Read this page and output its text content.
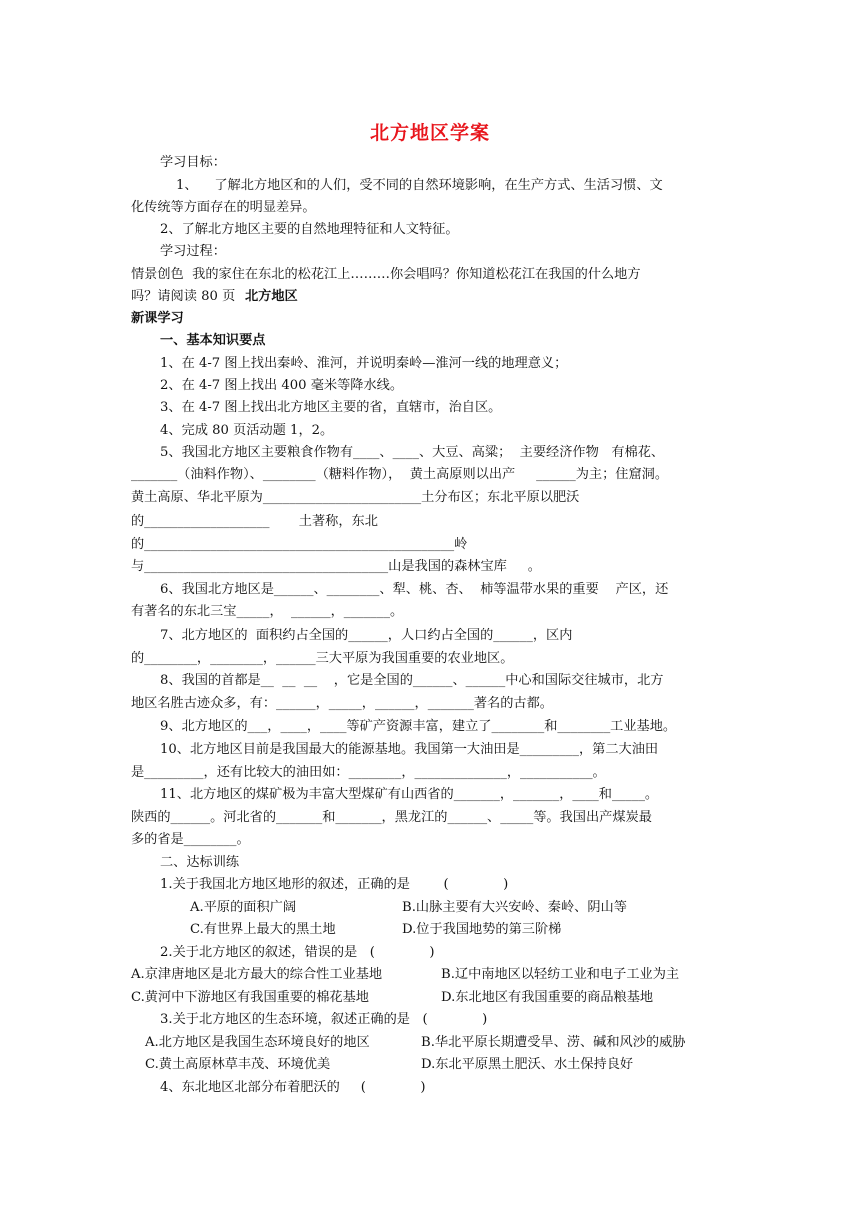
北方地区学案
学习目标：
1、    了解北方地区和的人们，受不同的自然环境影响，在生产方式、生活习惯、文
化传统等方面存在的明显差异。
2、了解北方地区主要的自然地理特征和人文特征。
学习过程：
情景创色  我的家住在东北的松花江上………你会唱吗？你知道松花江在我国的什么地方
吗？请阅读 80 页 北方地区
新课学习
一、基本知识要点
1、在 4-7 图上找出秦岭、淮河，并说明秦岭—淮河一线的地理意义；
2、在 4-7 图上找出 400 毫米等降水线。
3、在 4-7 图上找出北方地区主要的省，直辖市，治自区。
4、完成 80 页活动题 1，2。
5、我国北方地区主要粮食作物有____、____、大豆、高粱；  主要经济作物   有棉花、
_______（油料作物）、________（糖料作物），  黄土高原则以出产     ______为主；住窟洞。
黄土高原、华北平原为________________________土分布区；东北平原以肥沃
的___________________       土著称，东北
的_______________________________________________岭
与_____________________________________山是我国的森林宝库     。
6、我国北方地区是______、________、犁、桃、杏、  柿等温带水果的重要    产区，还
有著名的东北三宝_____，  ______，_______。
7、北方地区的  面积约占全国的______，人口约占全国的______，区内
的________，________，______三大平原为我国重要的农业地区。
8、我国的首都是__  __  __    ，它是全国的______、______中心和国际交往城市，北方
地区名胜古迹众多，有：______，_____，______，_______著名的古都。
9、北方地区的___，____，____等矿产资源丰富，建立了________和________工业基地。
10、北方地区目前是我国最大的能源基地。我国第一大油田是_________，第二大油田
是_________，还有比较大的油田如：________，______________，___________。
11、北方地区的煤矿极为丰富大型煤矿有山西省的_______，_______，____和_____。
陕西的______。河北省的_______和_______，黑龙江的______、_____等。我国出产煤炭最
多的省是________。
二、达标训练
1.关于我国北方地区地形的叙述，正确的是        (             )
A.平原的面积广阔	B.山脉主要有大兴安岭、秦岭、阴山等
C.有世界上最大的黑土地	D.位于我国地势的第三阶梯
2.关于北方地区的叙述，错误的是   (             )
A.京津唐地区是北方最大的综合性工业基地	B.辽中南地区以轻纺工业和电子工业为主
C.黄河中下游地区有我国重要的棉花基地	D.东北地区有我国重要的商品粮基地
3.关于北方地区的生态环境，叙述正确的是   (             )
A.北方地区是我国生态环境良好的地区	B.华北平原长期遭受旱、涝、碱和风沙的威胁
C.黄土高原林草丰茂、环境优美	D.东北平原黑土肥沃、水土保持良好
4、东北地区北部分布着肥沃的     (             )
